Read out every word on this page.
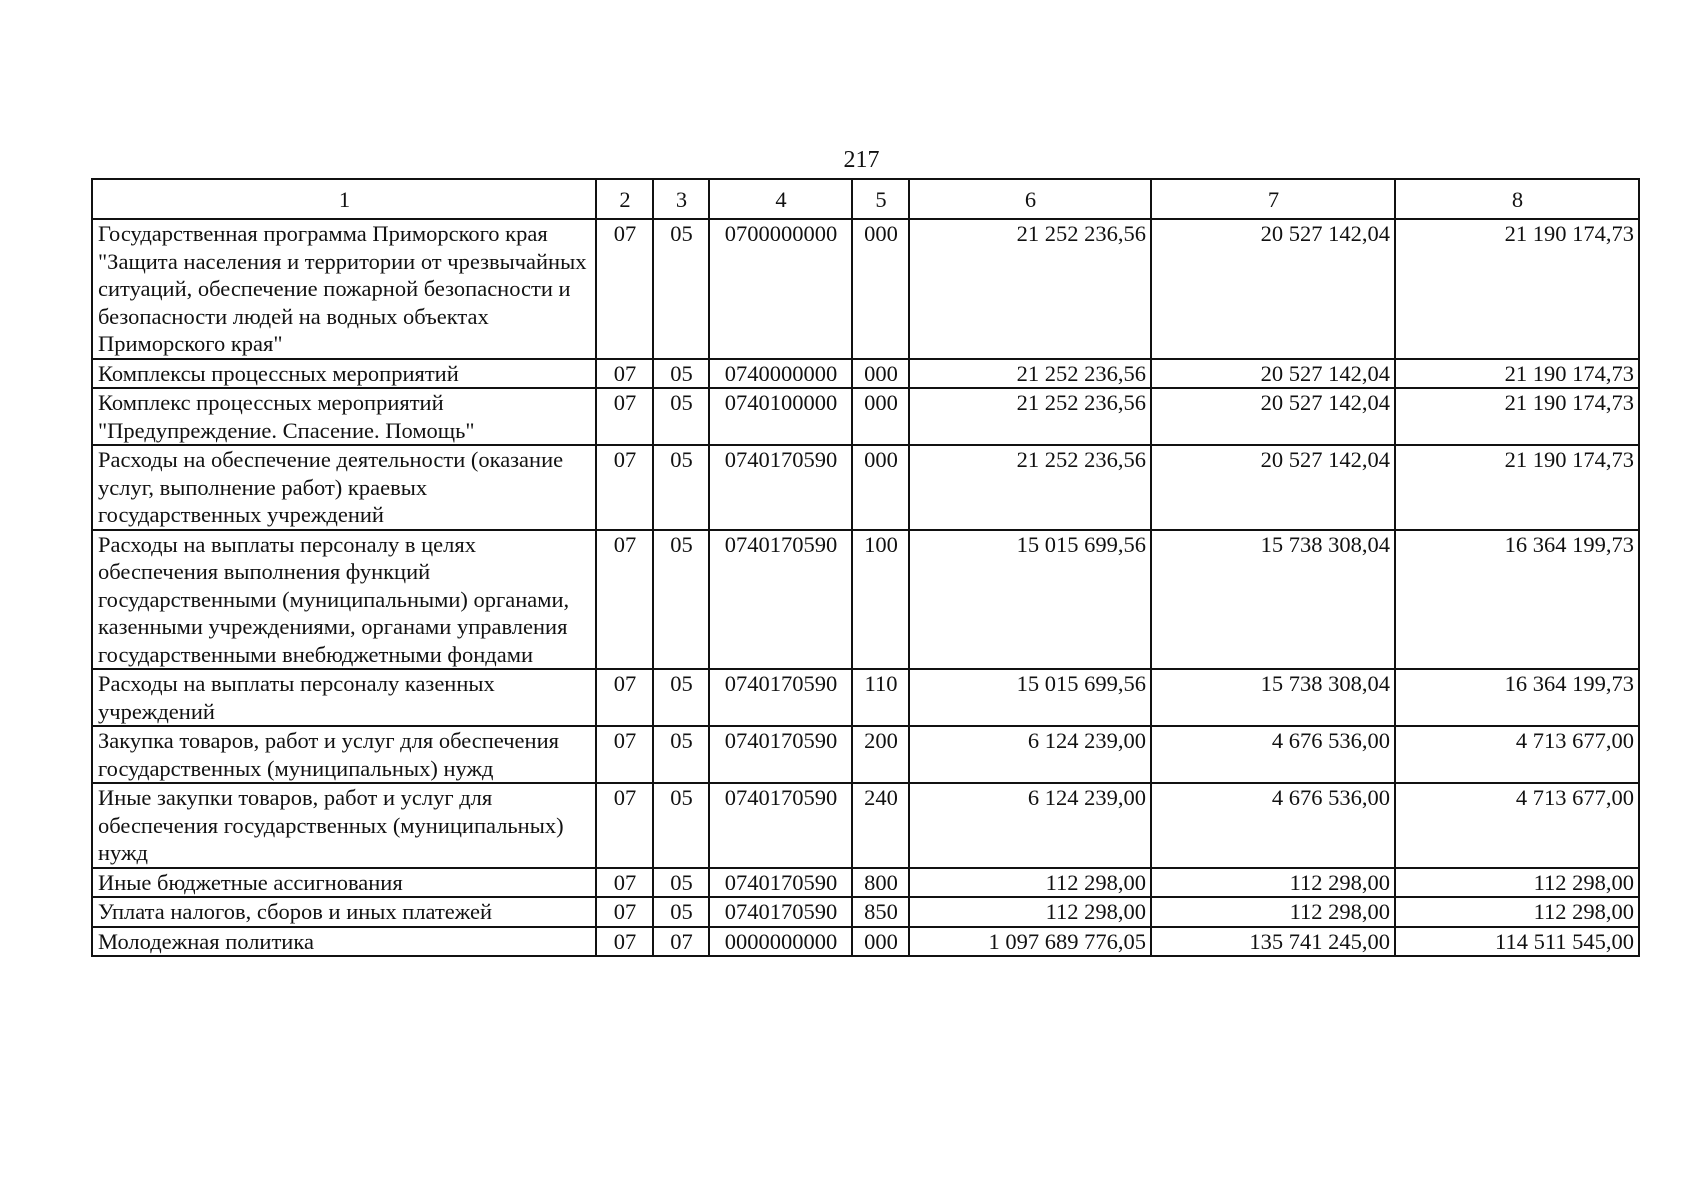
217
1	2	3	4	5	6	7	8
Государственная программа Приморского края "Защита населения и территории от чрезвычайных ситуаций, обеспечение пожарной безопасности и безопасности людей на водных объектах Приморского края"	07	05	0700000000	000	21 252 236,56	20 527 142,04	21 190 174,73
Комплексы процессных мероприятий	07	05	0740000000	000	21 252 236,56	20 527 142,04	21 190 174,73
Комплекс процессных мероприятий "Предупреждение. Спасение. Помощь"	07	05	0740100000	000	21 252 236,56	20 527 142,04	21 190 174,73
Расходы на обеспечение деятельности (оказание услуг, выполнение работ) краевых государственных учреждений	07	05	0740170590	000	21 252 236,56	20 527 142,04	21 190 174,73
Расходы на выплаты персоналу в целях обеспечения выполнения функций государственными (муниципальными) органами, казенными учреждениями, органами управления государственными внебюджетными фондами	07	05	0740170590	100	15 015 699,56	15 738 308,04	16 364 199,73
Расходы на выплаты персоналу казенных учреждений	07	05	0740170590	110	15 015 699,56	15 738 308,04	16 364 199,73
Закупка товаров, работ и услуг для обеспечения государственных (муниципальных) нужд	07	05	0740170590	200	6 124 239,00	4 676 536,00	4 713 677,00
Иные закупки товаров, работ и услуг для обеспечения государственных (муниципальных) нужд	07	05	0740170590	240	6 124 239,00	4 676 536,00	4 713 677,00
Иные бюджетные ассигнования	07	05	0740170590	800	112 298,00	112 298,00	112 298,00
Уплата налогов, сборов и иных платежей	07	05	0740170590	850	112 298,00	112 298,00	112 298,00
Молодежная политика	07	07	0000000000	000	1 097 689 776,05	135 741 245,00	114 511 545,00
